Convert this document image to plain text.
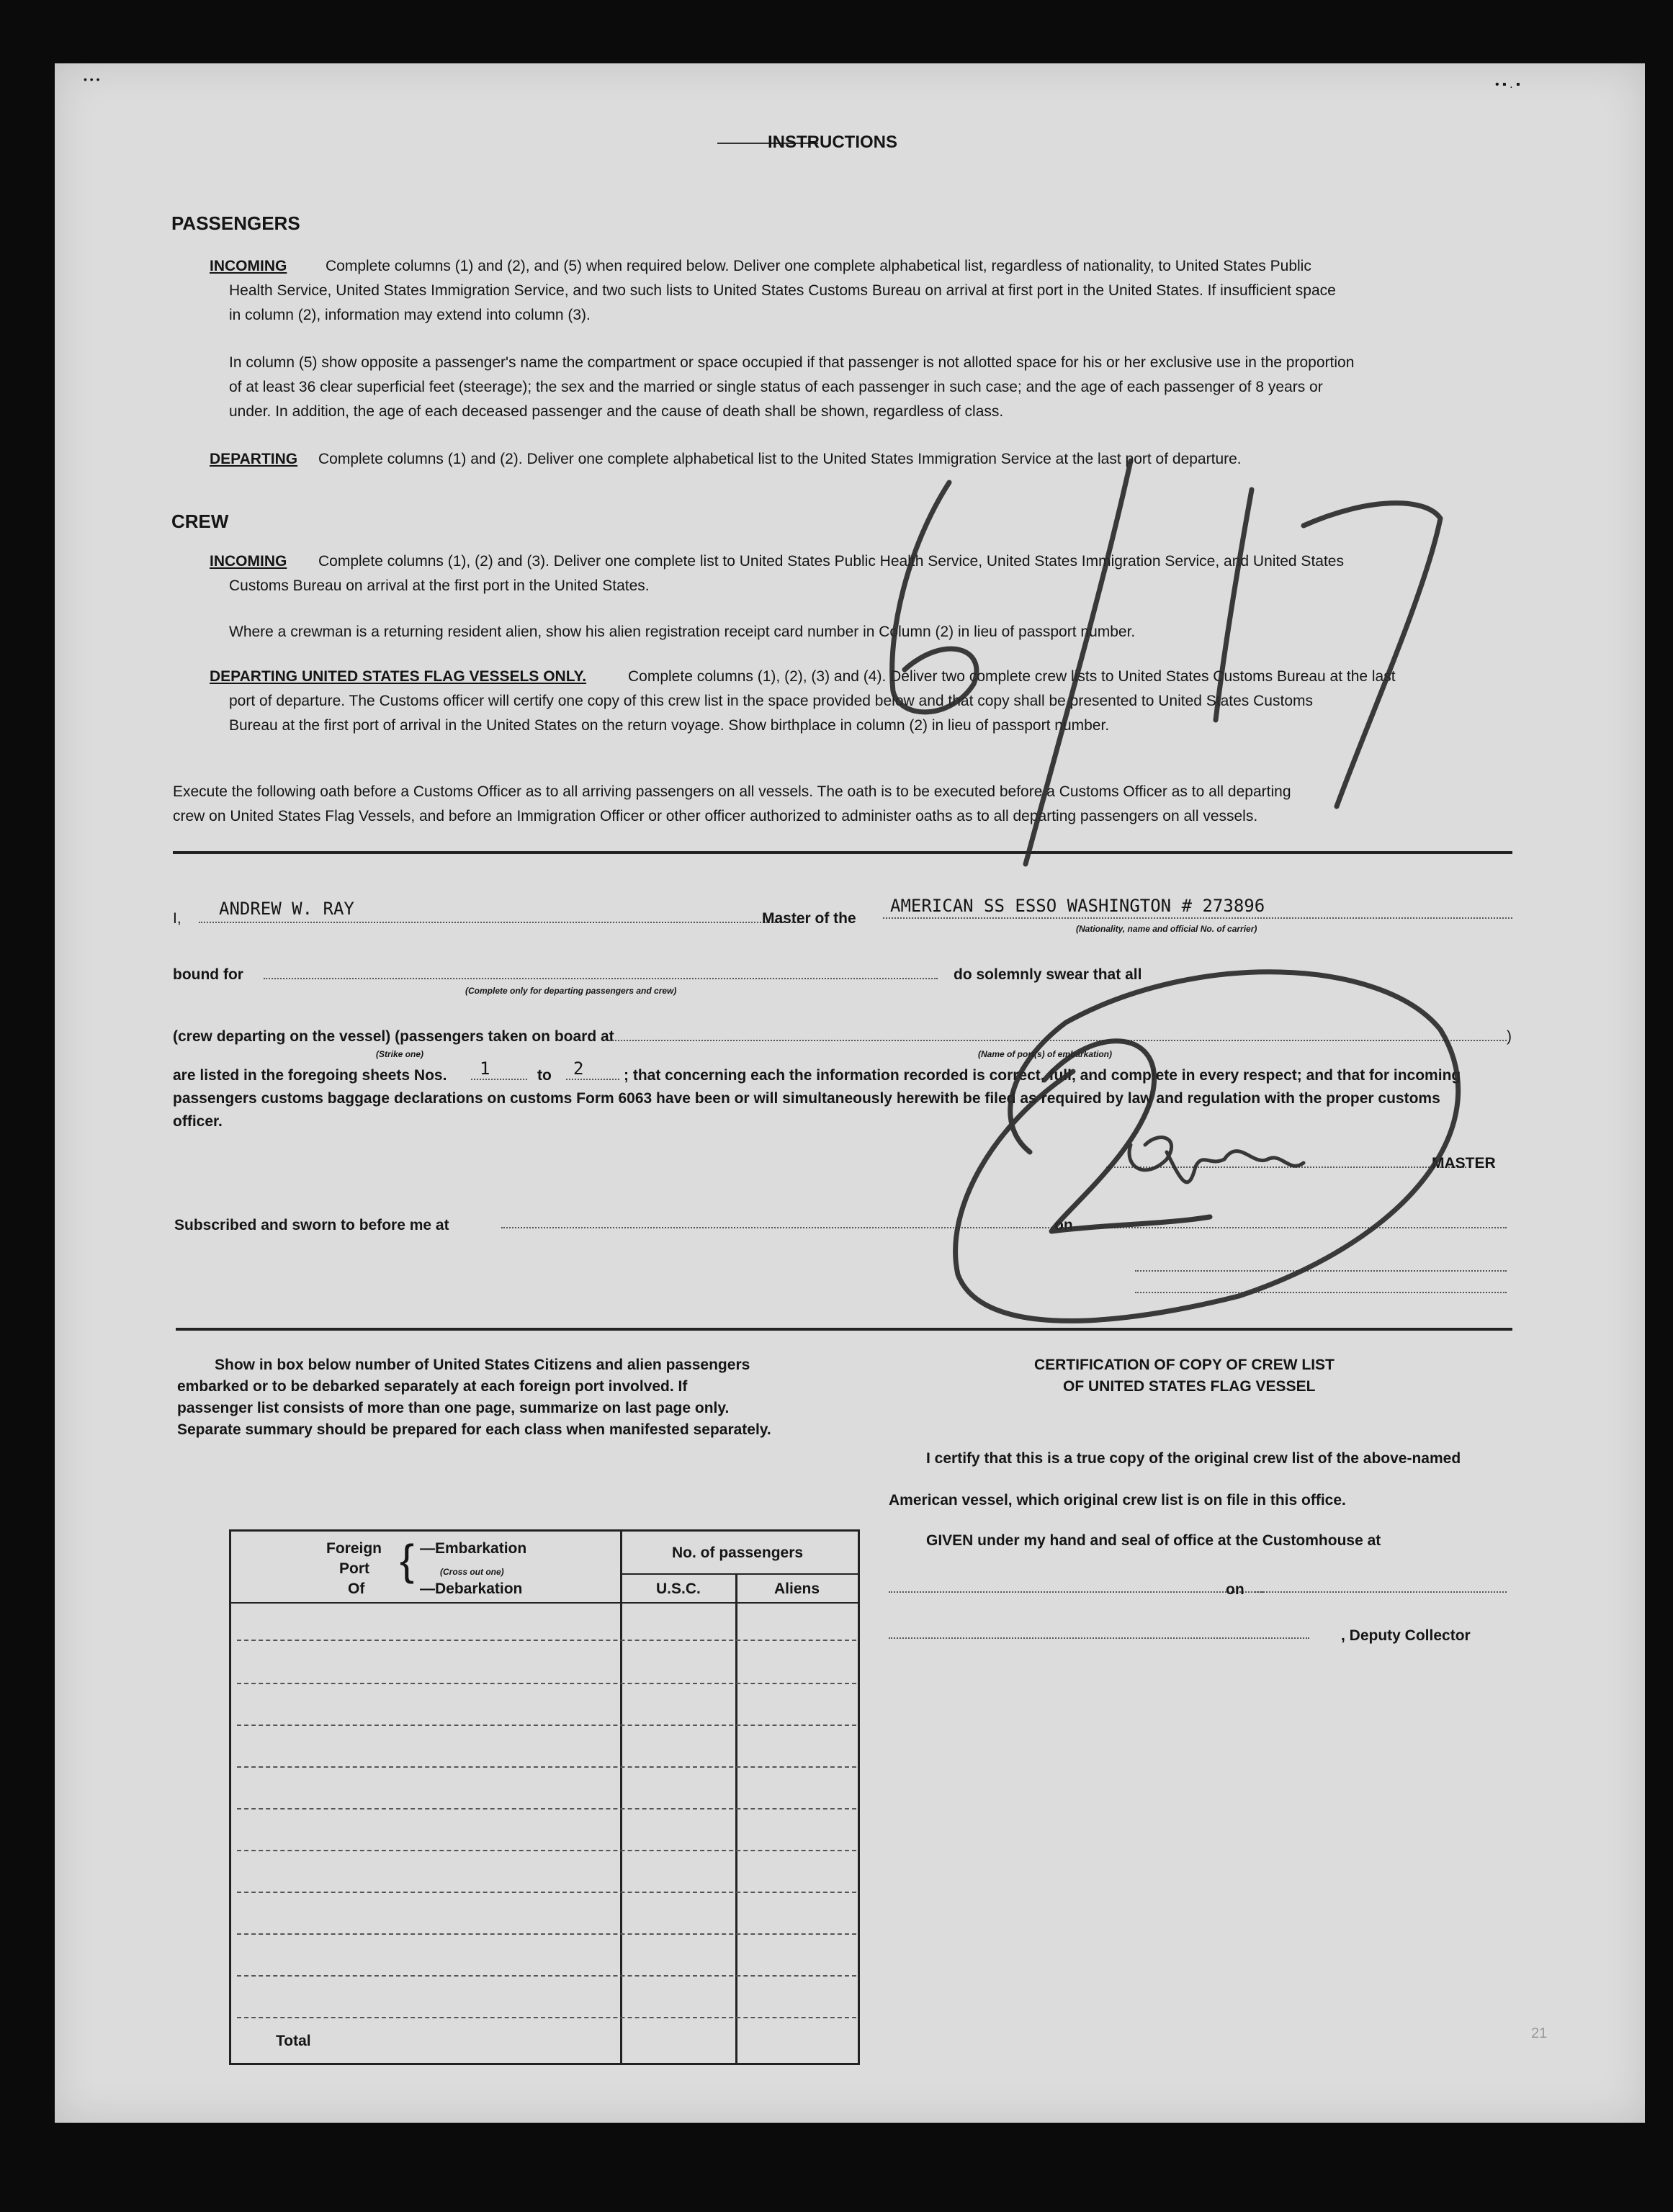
• • •	• ▪ . ▪
INSTRUCTIONS
PASSENGERS
INCOMING	Complete columns (1) and (2), and (5) when required below. Deliver one complete alphabetical list, regardless of nationality, to United States Public
Health Service, United States Immigration Service, and two such lists to United States Customs Bureau on arrival at first port in the United States. If insufficient space
in column (2), information may extend into column (3).
In column (5) show opposite a passenger's name the compartment or space occupied if that passenger is not allotted space for his or her exclusive use in the proportion
of at least 36 clear superficial feet (steerage); the sex and the married or single status of each passenger in such case; and the age of each passenger of 8 years or
under. In addition, the age of each deceased passenger and the cause of death shall be shown, regardless of class.
DEPARTING Complete columns (1) and (2). Deliver one complete alphabetical list to the United States Immigration Service at the last port of departure.
CREW
INCOMING Complete columns (1), (2) and (3). Deliver one complete list to United States Public Health Service, United States Immigration Service, and United States
Customs Bureau on arrival at the first port in the United States.
Where a crewman is a returning resident alien, show his alien registration receipt card number in Column (2) in lieu of passport number.
DEPARTING UNITED STATES FLAG VESSELS ONLY.	Complete columns (1), (2), (3) and (4). Deliver two complete crew lists to United States Customs Bureau at the last
port of departure. The Customs officer will certify one copy of this crew list in the space provided below and that copy shall be presented to United States Customs
Bureau at the first port of arrival in the United States on the return voyage. Show birthplace in column (2) in lieu of passport number.
Execute the following oath before a Customs Officer as to all arriving passengers on all vessels. The oath is to be executed before a Customs Officer as to all departing
crew on United States Flag Vessels, and before an Immigration Officer or other officer authorized to administer oaths as to all departing passengers on all vessels.
I, ANDREW W. RAY	Master of the
AMERICAN SS ESSO WASHINGTON # 273896
(Nationality, name and official No. of carrier)
bound for
(Complete only for departing passengers and crew)
do solemnly swear that all
(crew departing on the vessel) (passengers taken on board at
(Strike one)	(Name of port(s) of embarkation)
)
are listed in the foregoing sheets Nos. 1	to 2	; that concerning each the information recorded is correct, full, and complete in every respect; and that for incoming
passengers customs baggage declarations on customs Form 6063 have been or will simultaneously herewith be filed as required by law and regulation with the proper customs
officer.
MASTER
Subscribed and sworn to before me at	on
Show in box below number of United States Citizens and alien passengers
embarked or to be debarked separately at each foreign port involved. If
passenger list consists of more than one page, summarize on last page only.
Separate summary should be prepared for each class when manifested separately.
Foreign
Port
Of
{ —Embarkation
(Cross out one)
—Debarkation
No. of passengers
U.S.C.	Aliens
Total
CERTIFICATION OF COPY OF CREW LIST
OF UNITED STATES FLAG VESSEL
I certify that this is a true copy of the original crew list of the above-named
American vessel, which original crew list is on file in this office.
GIVEN under my hand and seal of office at the Customhouse at
on
, Deputy Collector
21
